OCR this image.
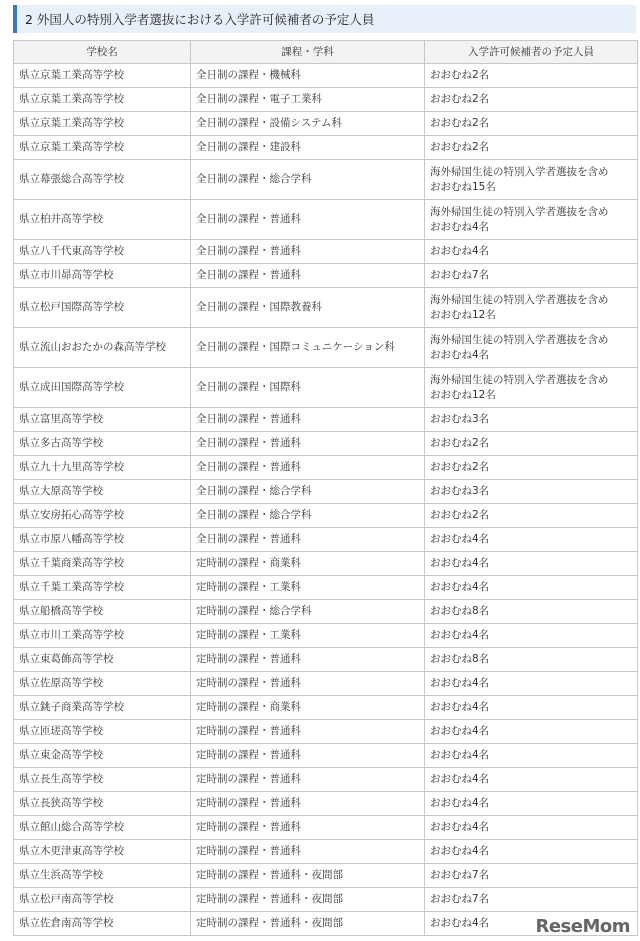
2 外国人の特別入学者選抜における入学許可候補者の予定人員
学校名	課程・学科	入学許可候補者の予定人員
県立京葉工業高等学校	全日制の課程・機械科	おおむね2名

県立京葉工業高等学校	全日制の課程・電子工業科	おおむね2名

県立京葉工業高等学校	全日制の課程・設備システム科	おおむね2名

県立京葉工業高等学校	全日制の課程・建設科	おおむね2名

県立幕張総合高等学校	全日制の課程・総合学科	海外帰国生徒の特別入学者選抜を含め
おおむね15名

県立柏井高等学校	全日制の課程・普通科	海外帰国生徒の特別入学者選抜を含め
おおむね4名

県立八千代東高等学校	全日制の課程・普通科	おおむね4名

県立市川昴高等学校	全日制の課程・普通科	おおむね7名

県立松戸国際高等学校	全日制の課程・国際教養科	海外帰国生徒の特別入学者選抜を含め
おおむね12名

県立流山おおたかの森高等学校	全日制の課程・国際コミュニケーション科	海外帰国生徒の特別入学者選抜を含め
おおむね4名

県立成田国際高等学校	全日制の課程・国際科	海外帰国生徒の特別入学者選抜を含め
おおむね12名

県立富里高等学校	全日制の課程・普通科	おおむね3名

県立多古高等学校	全日制の課程・普通科	おおむね2名

県立九十九里高等学校	全日制の課程・普通科	おおむね2名

県立大原高等学校	全日制の課程・総合学科	おおむね3名

県立安房拓心高等学校	全日制の課程・総合学科	おおむね2名

県立市原八幡高等学校	全日制の課程・普通科	おおむね4名

県立千葉商業高等学校	定時制の課程・商業科	おおむね4名

県立千葉工業高等学校	定時制の課程・工業科	おおむね4名

県立船橋高等学校	定時制の課程・総合学科	おおむね8名

県立市川工業高等学校	定時制の課程・工業科	おおむね4名

県立東葛飾高等学校	定時制の課程・普通科	おおむね8名

県立佐原高等学校	定時制の課程・普通科	おおむね4名

県立銚子商業高等学校	定時制の課程・商業科	おおむね4名

県立匝瑳高等学校	定時制の課程・普通科	おおむね4名

県立東金高等学校	定時制の課程・普通科	おおむね4名

県立長生高等学校	定時制の課程・普通科	おおむね4名

県立長狭高等学校	定時制の課程・普通科	おおむね4名

県立館山総合高等学校	定時制の課程・普通科	おおむね4名

県立木更津東高等学校	定時制の課程・普通科	おおむね4名

県立生浜高等学校	定時制の課程・普通科・夜間部	おおむね7名

県立松戸南高等学校	定時制の課程・普通科・夜間部	おおむね7名

県立佐倉南高等学校	定時制の課程・普通科・夜間部	おおむね4名	ReseMom
